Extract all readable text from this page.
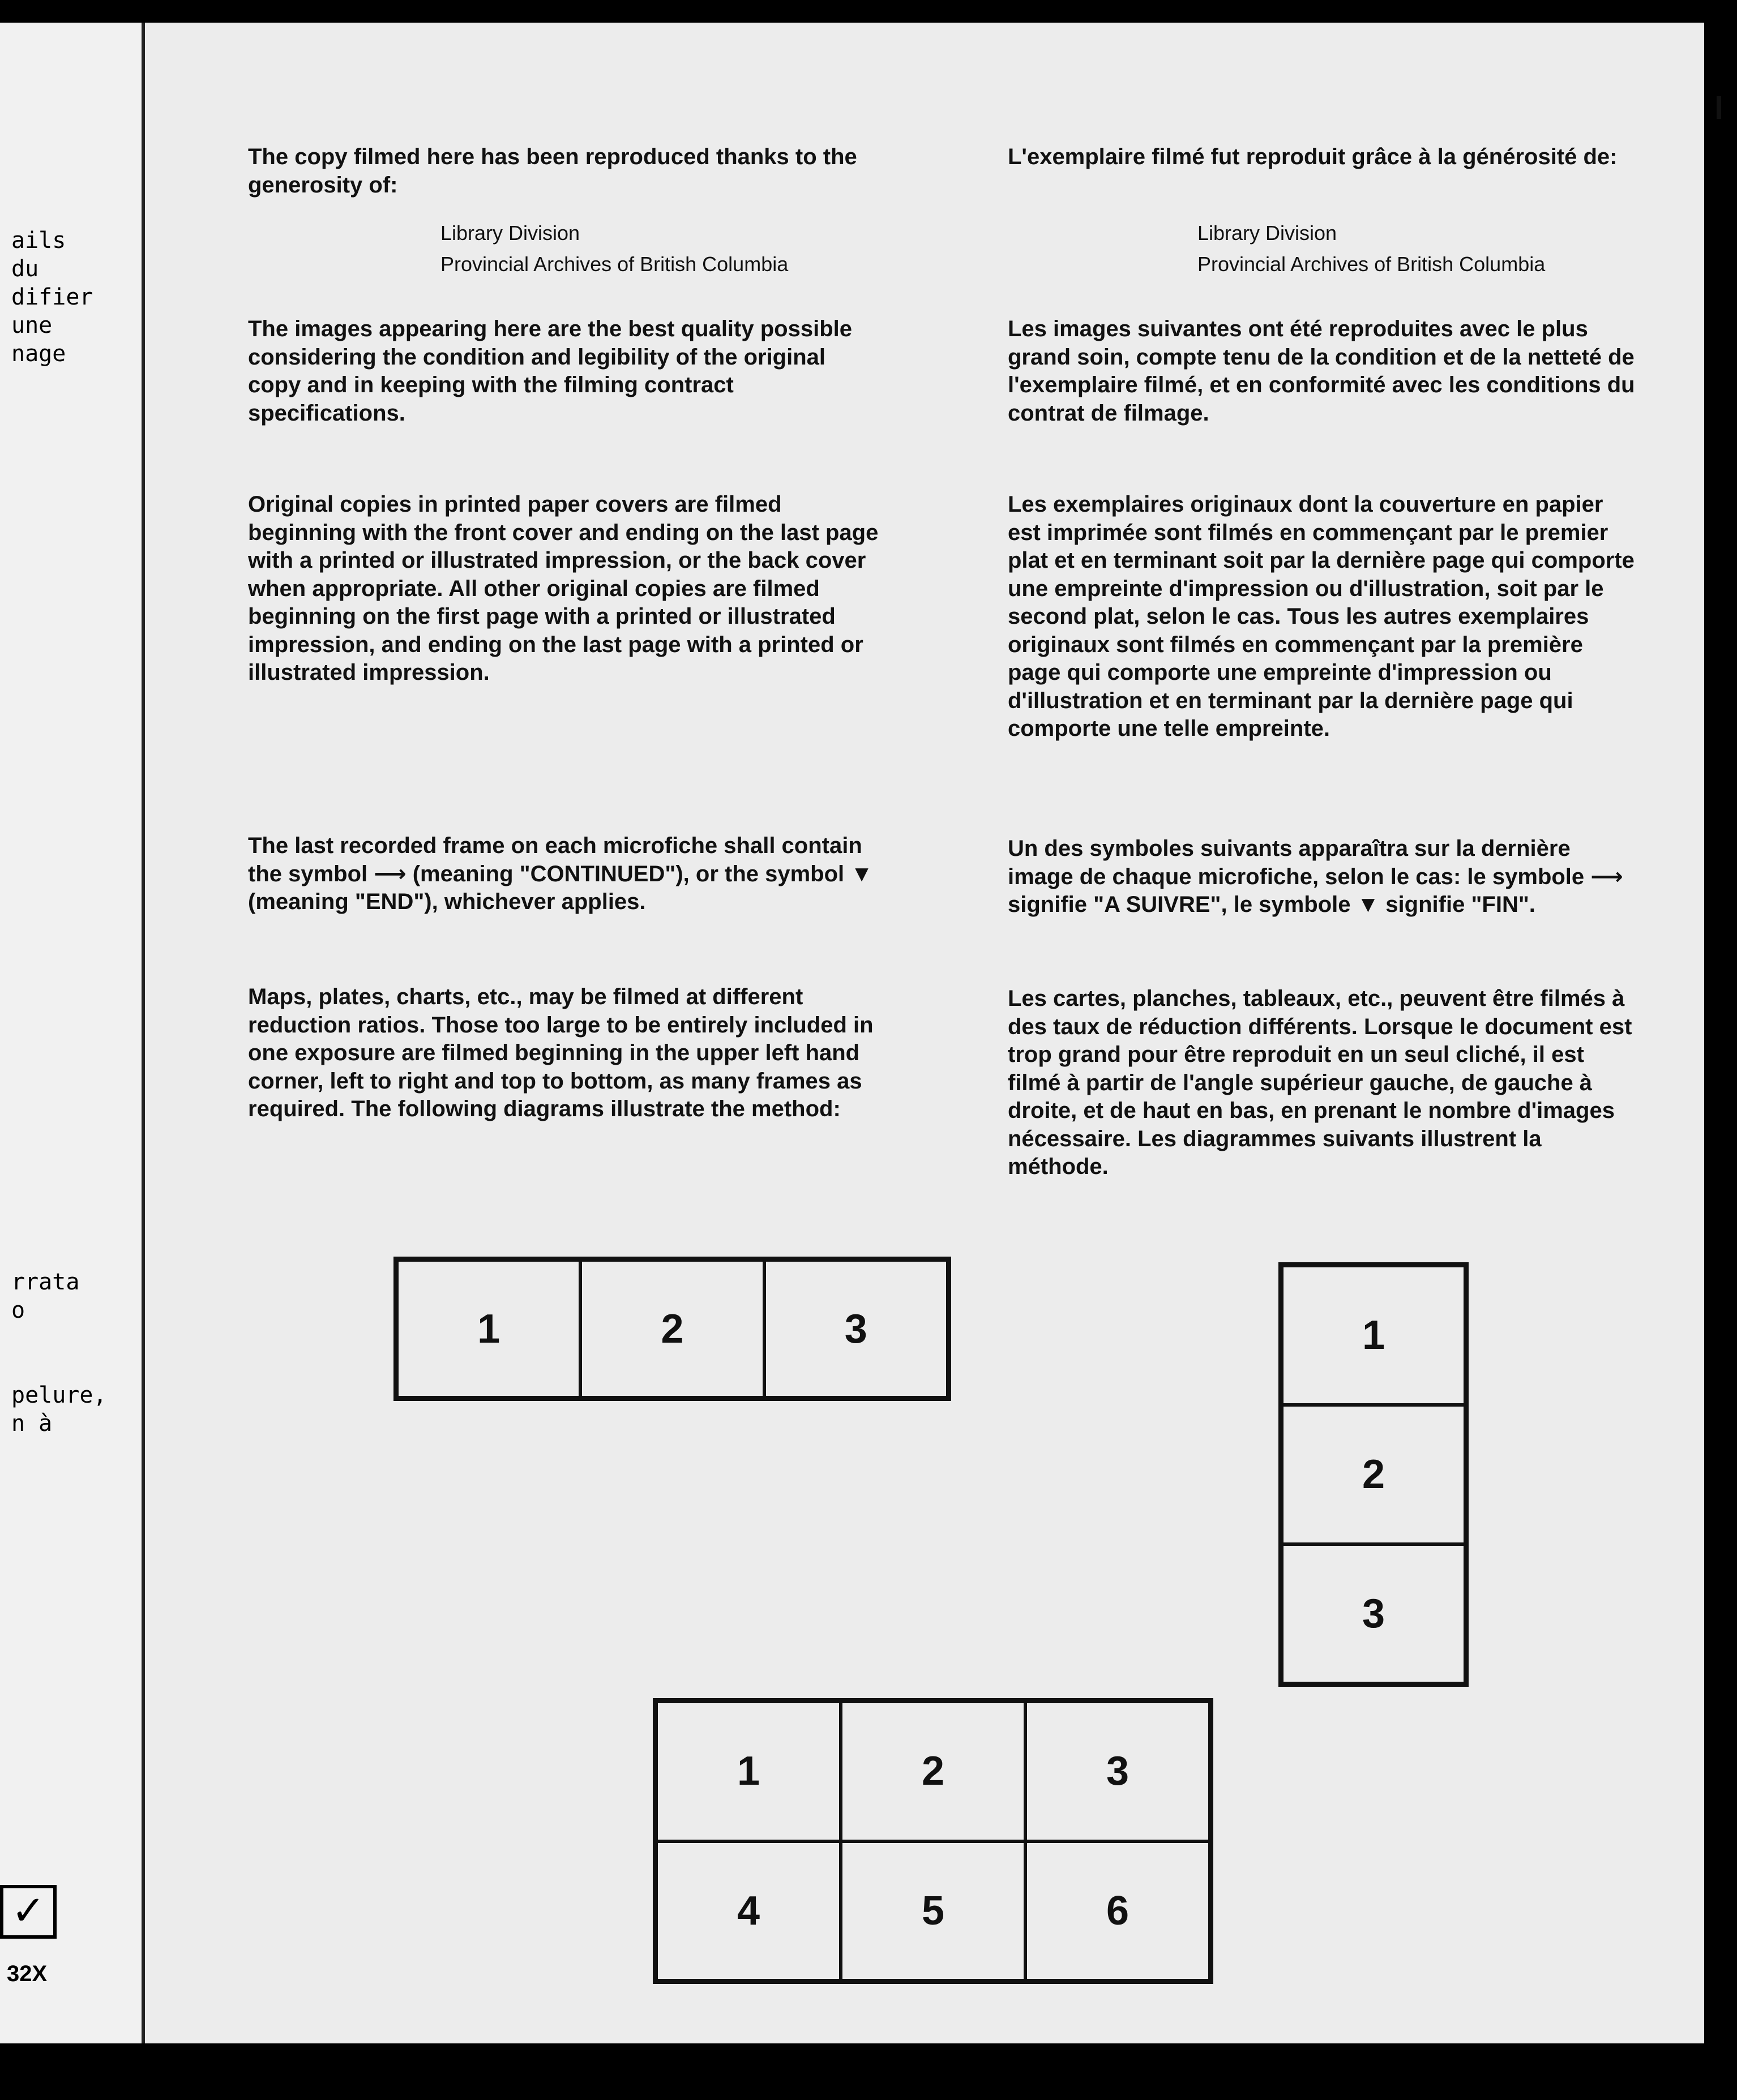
ails
du
difier
une
nage
rrata
o
pelure,
n à
✓
32X

The copy filmed here has been reproduced thanks to the generosity of:

Library Division

Provincial Archives of British Columbia

The images appearing here are the best quality possible considering the condition and legibility of the original copy and in keeping with the filming contract specifications.

Original copies in printed paper covers are filmed beginning with the front cover and ending on the last page with a printed or illustrated impression, or the back cover when appropriate. All other original copies are filmed beginning on the first page with a printed or illustrated impression, and ending on the last page with a printed or illustrated impression.

The last recorded frame on each microfiche shall contain the symbol ⟶ (meaning "CONTINUED"), or the symbol ▼ (meaning "END"), whichever applies.

Maps, plates, charts, etc., may be filmed at different reduction ratios. Those too large to be entirely included in one exposure are filmed beginning in the upper left hand corner, left to right and top to bottom, as many frames as required. The following diagrams illustrate the method:

L'exemplaire filmé fut reproduit grâce à la générosité de:

Library Division

Provincial Archives of British Columbia

Les images suivantes ont été reproduites avec le plus grand soin, compte tenu de la condition et de la netteté de l'exemplaire filmé, et en conformité avec les conditions du contrat de filmage.

Les exemplaires originaux dont la couverture en papier est imprimée sont filmés en commençant par le premier plat et en terminant soit par la dernière page qui comporte une empreinte d'impression ou d'illustration, soit par le second plat, selon le cas. Tous les autres exemplaires originaux sont filmés en commençant par la première page qui comporte une empreinte d'impression ou d'illustration et en terminant par la dernière page qui comporte une telle empreinte.

Un des symboles suivants apparaîtra sur la dernière image de chaque microfiche, selon le cas: le symbole ⟶ signifie "A SUIVRE", le symbole ▼ signifie "FIN".

Les cartes, planches, tableaux, etc., peuvent être filmés à des taux de réduction différents. Lorsque le document est trop grand pour être reproduit en un seul cliché, il est filmé à partir de l'angle supérieur gauche, de gauche à droite, et de haut en bas, en prenant le nombre d'images nécessaire. Les diagrammes suivants illustrent la méthode.

1	2	3	1
2
3
1	2	3
4	5	6
